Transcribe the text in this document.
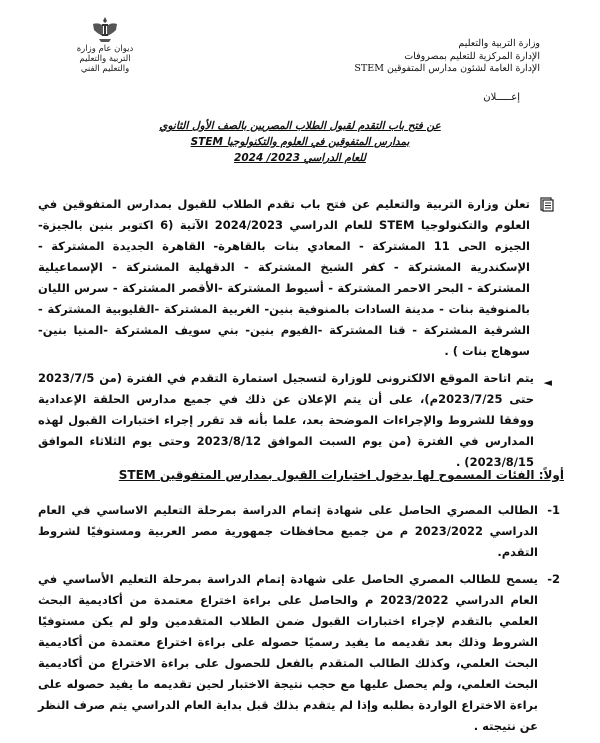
ديوان عام وزارة التربية والتعليم
والتعليم الفني
وزارة التربية والتعليم
الإدارة المركزية للتعليم بمصروفات
الإدارة العامة لشئون مدارس المتفوقين STEM
إعـــــلان
عن فتح باب التقدم لقبول الطلاب المصريين بالصف الأول الثانوي
بمدارس المتفوقين في العلوم والتكنولوجيا STEM
للعام الدراسي 2023/ 2024
تعلن وزارة التربية والتعليم عن فتح باب تقدم الطلاب للقبول بمدارس المتفوقين في العلوم والتكنولوجيا STEM للعام الدراسي 2024/2023 الآتية (6 اكتوبر بنين بالجيزة- الجيزه الحى 11 المشتركة - المعادي بنات بالقاهرة- القاهرة الجديدة المشتركة - الإسكندرية المشتركة - كفر الشيخ المشتركة - الدقهلية المشتركة - الإسماعيلية المشتركة - البحر الاحمر المشتركة - أسيوط المشتركة -الأقصر المشتركة - سرس الليان بالمنوفية بنات - مدينة السادات بالمنوفية بنين- الغربية المشتركة -القليوبية المشتركة - الشرقية المشتركة - قنا المشتركة -الفيوم بنين- بني سويف المشتركة -المنيا بنين- سوهاج بنات ) .
◄
يتم اتاحة الموقع الالكترونى للوزارة لتسجيل استمارة التقدم في الفترة (من 2023/7/5 حتى 2023/7/25م)، على أن يتم الإعلان عن ذلك في جميع مدارس الحلقة الإعدادية ووفقا للشروط والإجراءات الموضحة بعد، علما بأنه قد تقرر إجراء اختبارات القبول لهذه المدارس في الفترة (من يوم السبت الموافق 2023/8/12 وحتى يوم الثلاثاء الموافق 2023/8/15) .
أولاً: الفئات المسموح لها بدخول اختبارات القبول بمدارس المتفوقين STEM
1-
الطالب المصري الحاصل على شهادة إتمام الدراسة بمرحلة التعليم الاساسي في العام الدراسي 2023/2022 م من جميع محافظات جمهورية مصر العربية ومستوفيًا لشروط التقدم.
2-
يسمح للطالب المصري الحاصل على شهادة إتمام الدراسة بمرحلة التعليم الأساسي في العام الدراسي 2023/2022 م والحاصل على براءة اختراع معتمدة من أكاديمية البحث العلمي بالتقدم لإجراء اختبارات القبول ضمن الطلاب المتقدمين ولو لم يكن مستوفيًا الشروط وذلك بعد تقديمه ما يفيد رسميًا حصوله على براءة اختراع معتمدة من أكاديمية البحث العلمي، وكذلك الطالب المتقدم بالفعل للحصول على براءة الاختراع من أكاديمية البحث العلمي، ولم يحصل عليها مع حجب نتيجة الاختبار لحين تقديمه ما يفيد حصوله على براءة الاختراع الواردة بطلبه وإذا لم يتقدم بذلك قبل بداية العام الدراسي يتم صرف النظر عن نتيجته .
